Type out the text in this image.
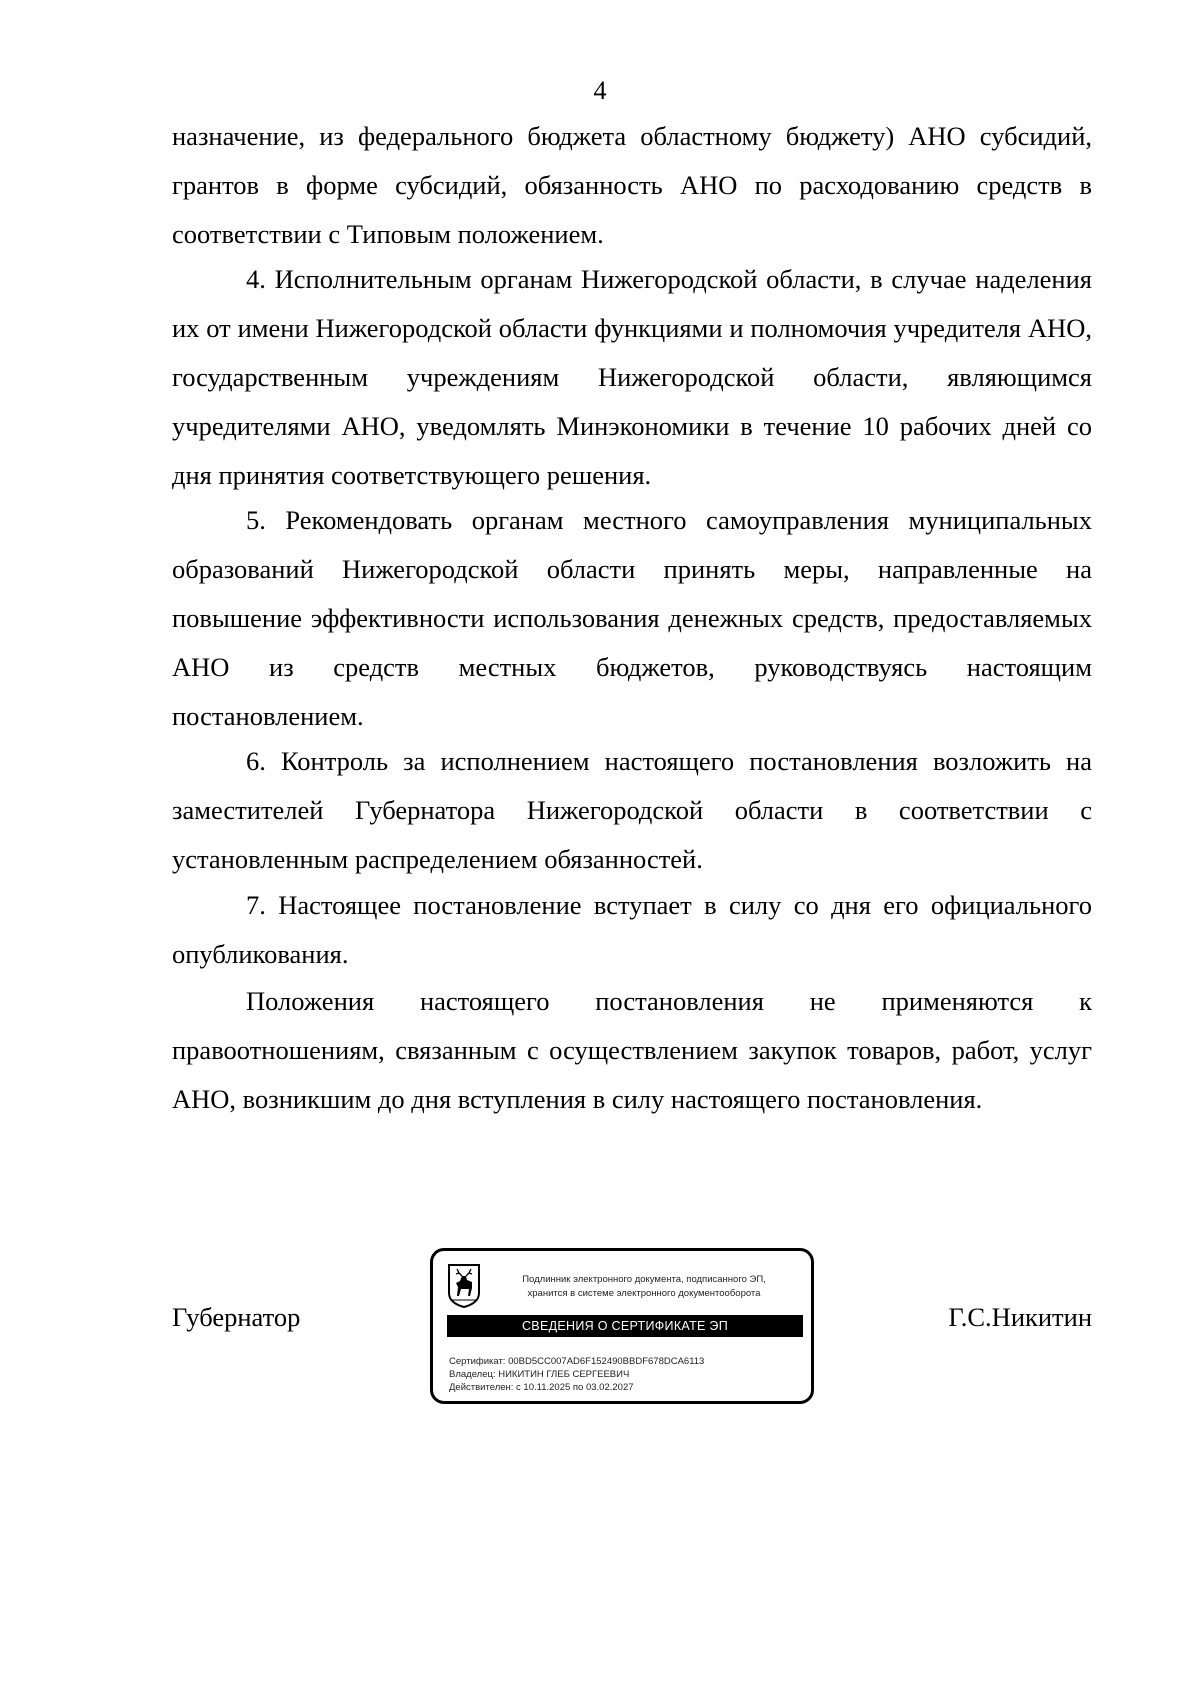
4

назначение, из федерального бюджета областному бюджету) АНО субсидий, грантов в форме субсидий, обязанность АНО по расходованию средств в соответствии с Типовым положением.

4. Исполнительным органам Нижегородской области, в случае наделения их от имени Нижегородской области функциями и полномочия учредителя АНО, государственным учреждениям Нижегородской области, являющимся учредителями АНО, уведомлять Минэкономики в течение 10 рабочих дней со дня принятия соответствующего решения.

5. Рекомендовать органам местного самоуправления муниципальных образований Нижегородской области принять меры, направленные на повышение эффективности использования денежных средств, предоставляемых АНО из средств местных бюджетов, руководствуясь настоящим постановлением.

6. Контроль за исполнением настоящего постановления возложить на заместителей Губернатора Нижегородской области в соответствии с установленным распределением обязанностей.

7. Настоящее постановление вступает в силу со дня его официального опубликования.

Положения настоящего постановления не применяются к правоотношениям, связанным с осуществлением закупок товаров, работ, услуг АНО, возникшим до дня вступления в силу настоящего постановления.

Губернатор
Подлинник электронного документа, подписанного ЭП,
хранится в системе электронного документооборота
СВЕДЕНИЯ О СЕРТИФИКАТЕ ЭП
Сертификат: 00BD5CC007AD6F152490BBDF678DCA6113
Владелец: НИКИТИН ГЛЕБ СЕРГЕЕВИЧ
Действителен: с 10.11.2025 по 03.02.2027
Г.С.Никитин
